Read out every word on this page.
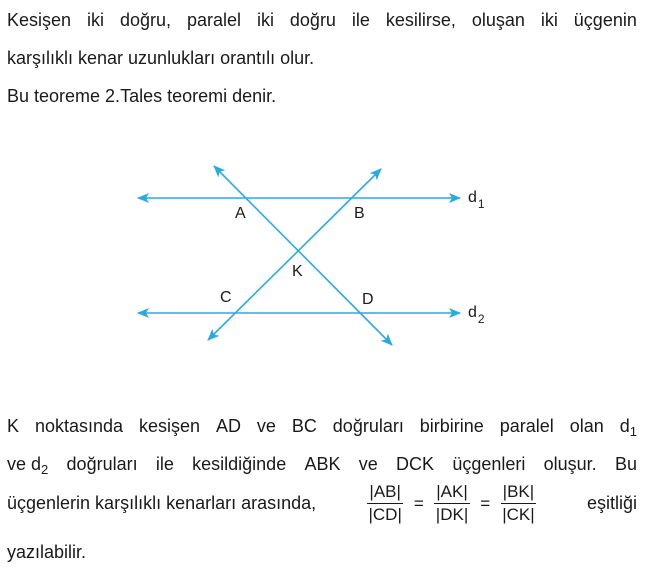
Kesişen iki doğru, paralel iki doğru ile kesilirse, oluşan iki üçgenin
karşılıklı kenar uzunlukları orantılı olur.
Bu teoreme 2.Tales teoremi denir.
A	B
K
C	D
$d_1$
$d_2$
K noktasında kesişen AD ve BC doğruları birbirine paralel olan $d_1$
ve $d_2$ doğruları ile kesildiğinde ABK ve DCK üçgenleri oluşur. Bu
üçgenlerin karşılıklı kenarları arasında,	$\frac{|AB|}{|CD|} = \frac{|AK|}{|DK|} = \frac{|BK|}{|CK|}$	eşitliği
yazılabilir.
